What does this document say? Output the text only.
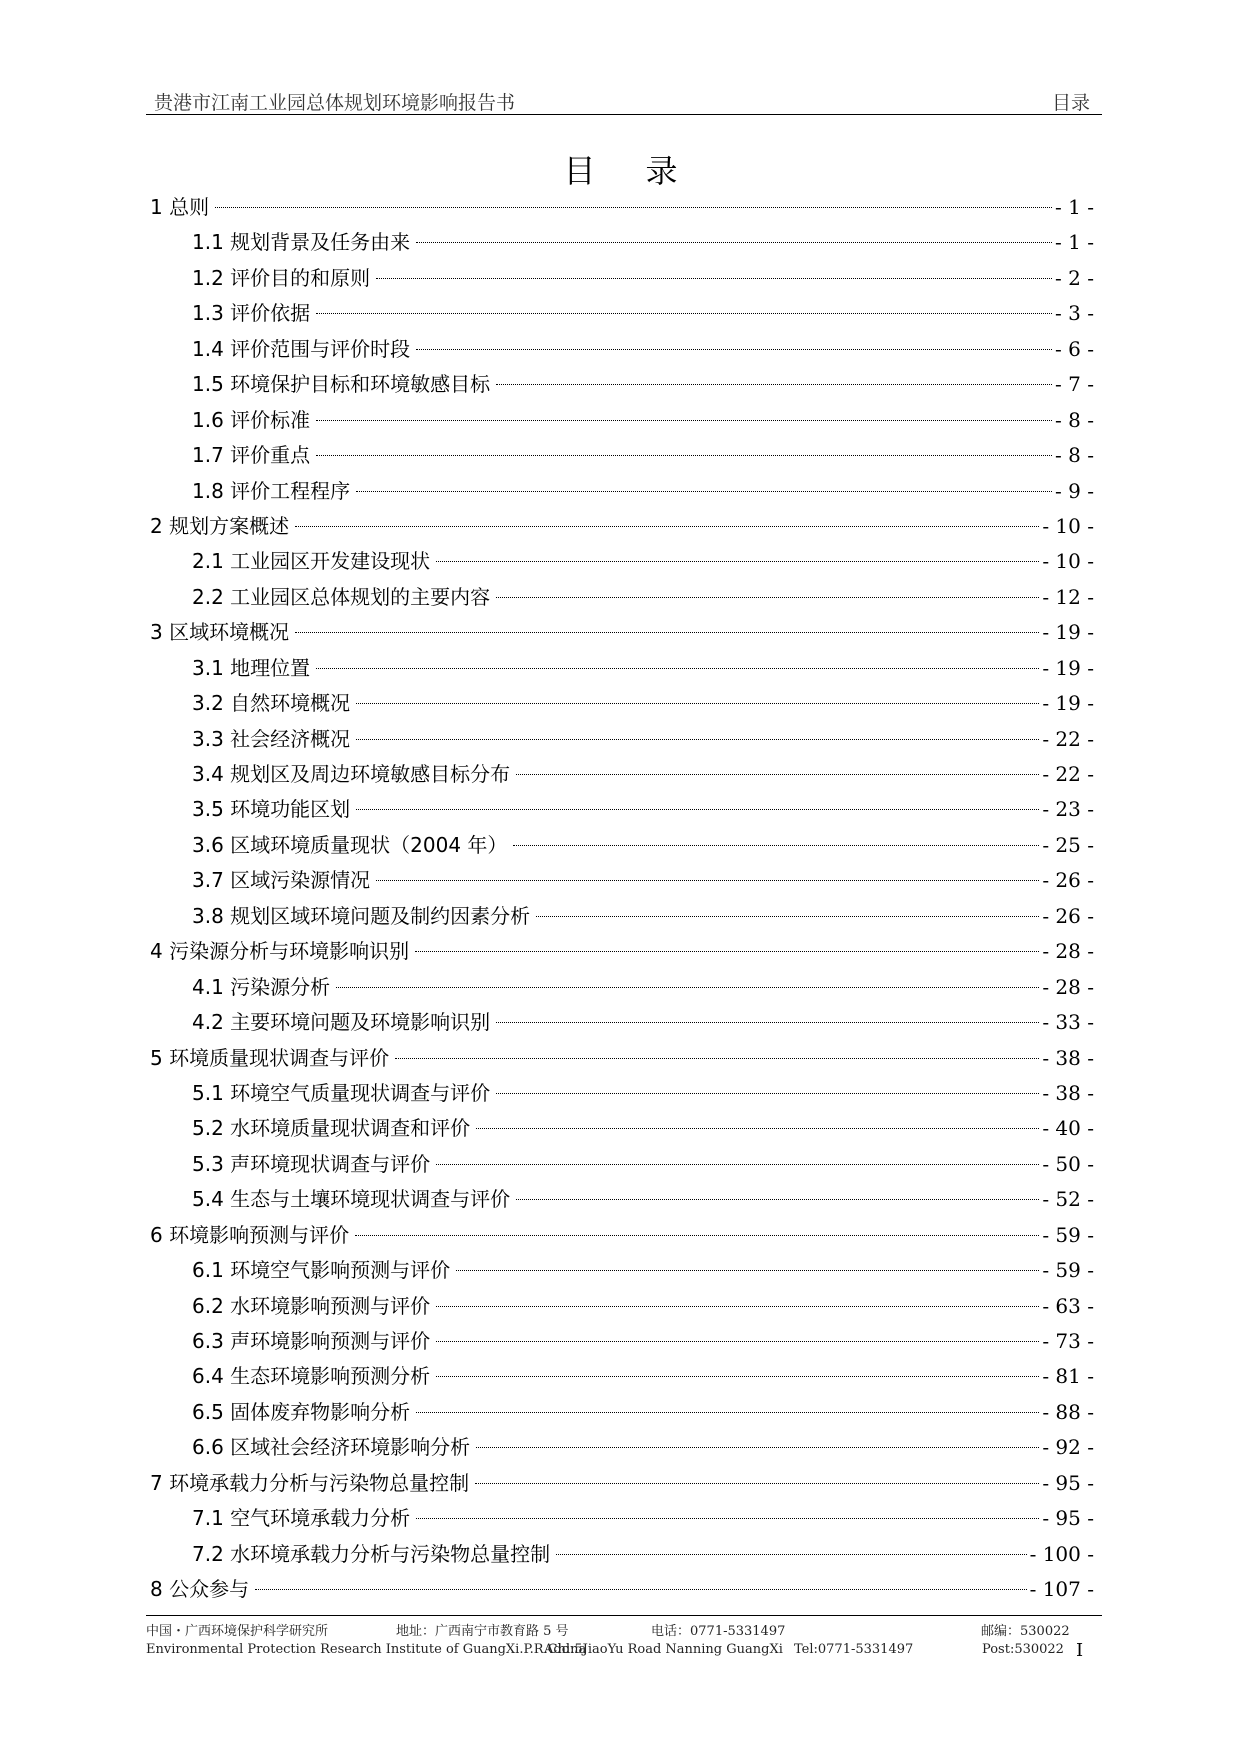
贵港市江南工业园总体规划环境影响报告书	目录
目录
1 总则	- 1 -
1.1 规划背景及任务由来	- 1 -
1.2 评价目的和原则	- 2 -
1.3 评价依据	- 3 -
1.4 评价范围与评价时段	- 6 -
1.5 环境保护目标和环境敏感目标	- 7 -
1.6 评价标准	- 8 -
1.7 评价重点	- 8 -
1.8 评价工程程序	- 9 -
2 规划方案概述	- 10 -
2.1 工业园区开发建设现状	- 10 -
2.2 工业园区总体规划的主要内容	- 12 -
3 区域环境概况	- 19 -
3.1 地理位置	- 19 -
3.2 自然环境概况	- 19 -
3.3 社会经济概况	- 22 -
3.4 规划区及周边环境敏感目标分布	- 22 -
3.5 环境功能区划	- 23 -
3.6 区域环境质量现状（2004 年）	- 25 -
3.7 区域污染源情况	- 26 -
3.8 规划区域环境问题及制约因素分析	- 26 -
4 污染源分析与环境影响识别	- 28 -
4.1 污染源分析	- 28 -
4.2 主要环境问题及环境影响识别	- 33 -
5 环境质量现状调查与评价	- 38 -
5.1 环境空气质量现状调查与评价	- 38 -
5.2 水环境质量现状调查和评价	- 40 -
5.3 声环境现状调查与评价	- 50 -
5.4 生态与土壤环境现状调查与评价	- 52 -
6 环境影响预测与评价	- 59 -
6.1 环境空气影响预测与评价	- 59 -
6.2 水环境影响预测与评价	- 63 -
6.3 声环境影响预测与评价	- 73 -
6.4 生态环境影响预测分析	- 81 -
6.5 固体废弃物影响分析	- 88 -
6.6 区域社会经济环境影响分析	- 92 -
7 环境承载力分析与污染物总量控制	- 95 -
7.1 空气环境承载力分析	- 95 -
7.2 水环境承载力分析与污染物总量控制	- 100 -
8 公众参与	- 107 -
中国・广西环境保护科学研究所	地址：广西南宁市教育路 5 号	电话：0771-5331497	邮编：530022
Environmental Protection Research Institute of GuangXi.P.R.China
Add:5JiaoYu Road Nanning GuangXi Tel:0771-5331497	Post:530022 I
